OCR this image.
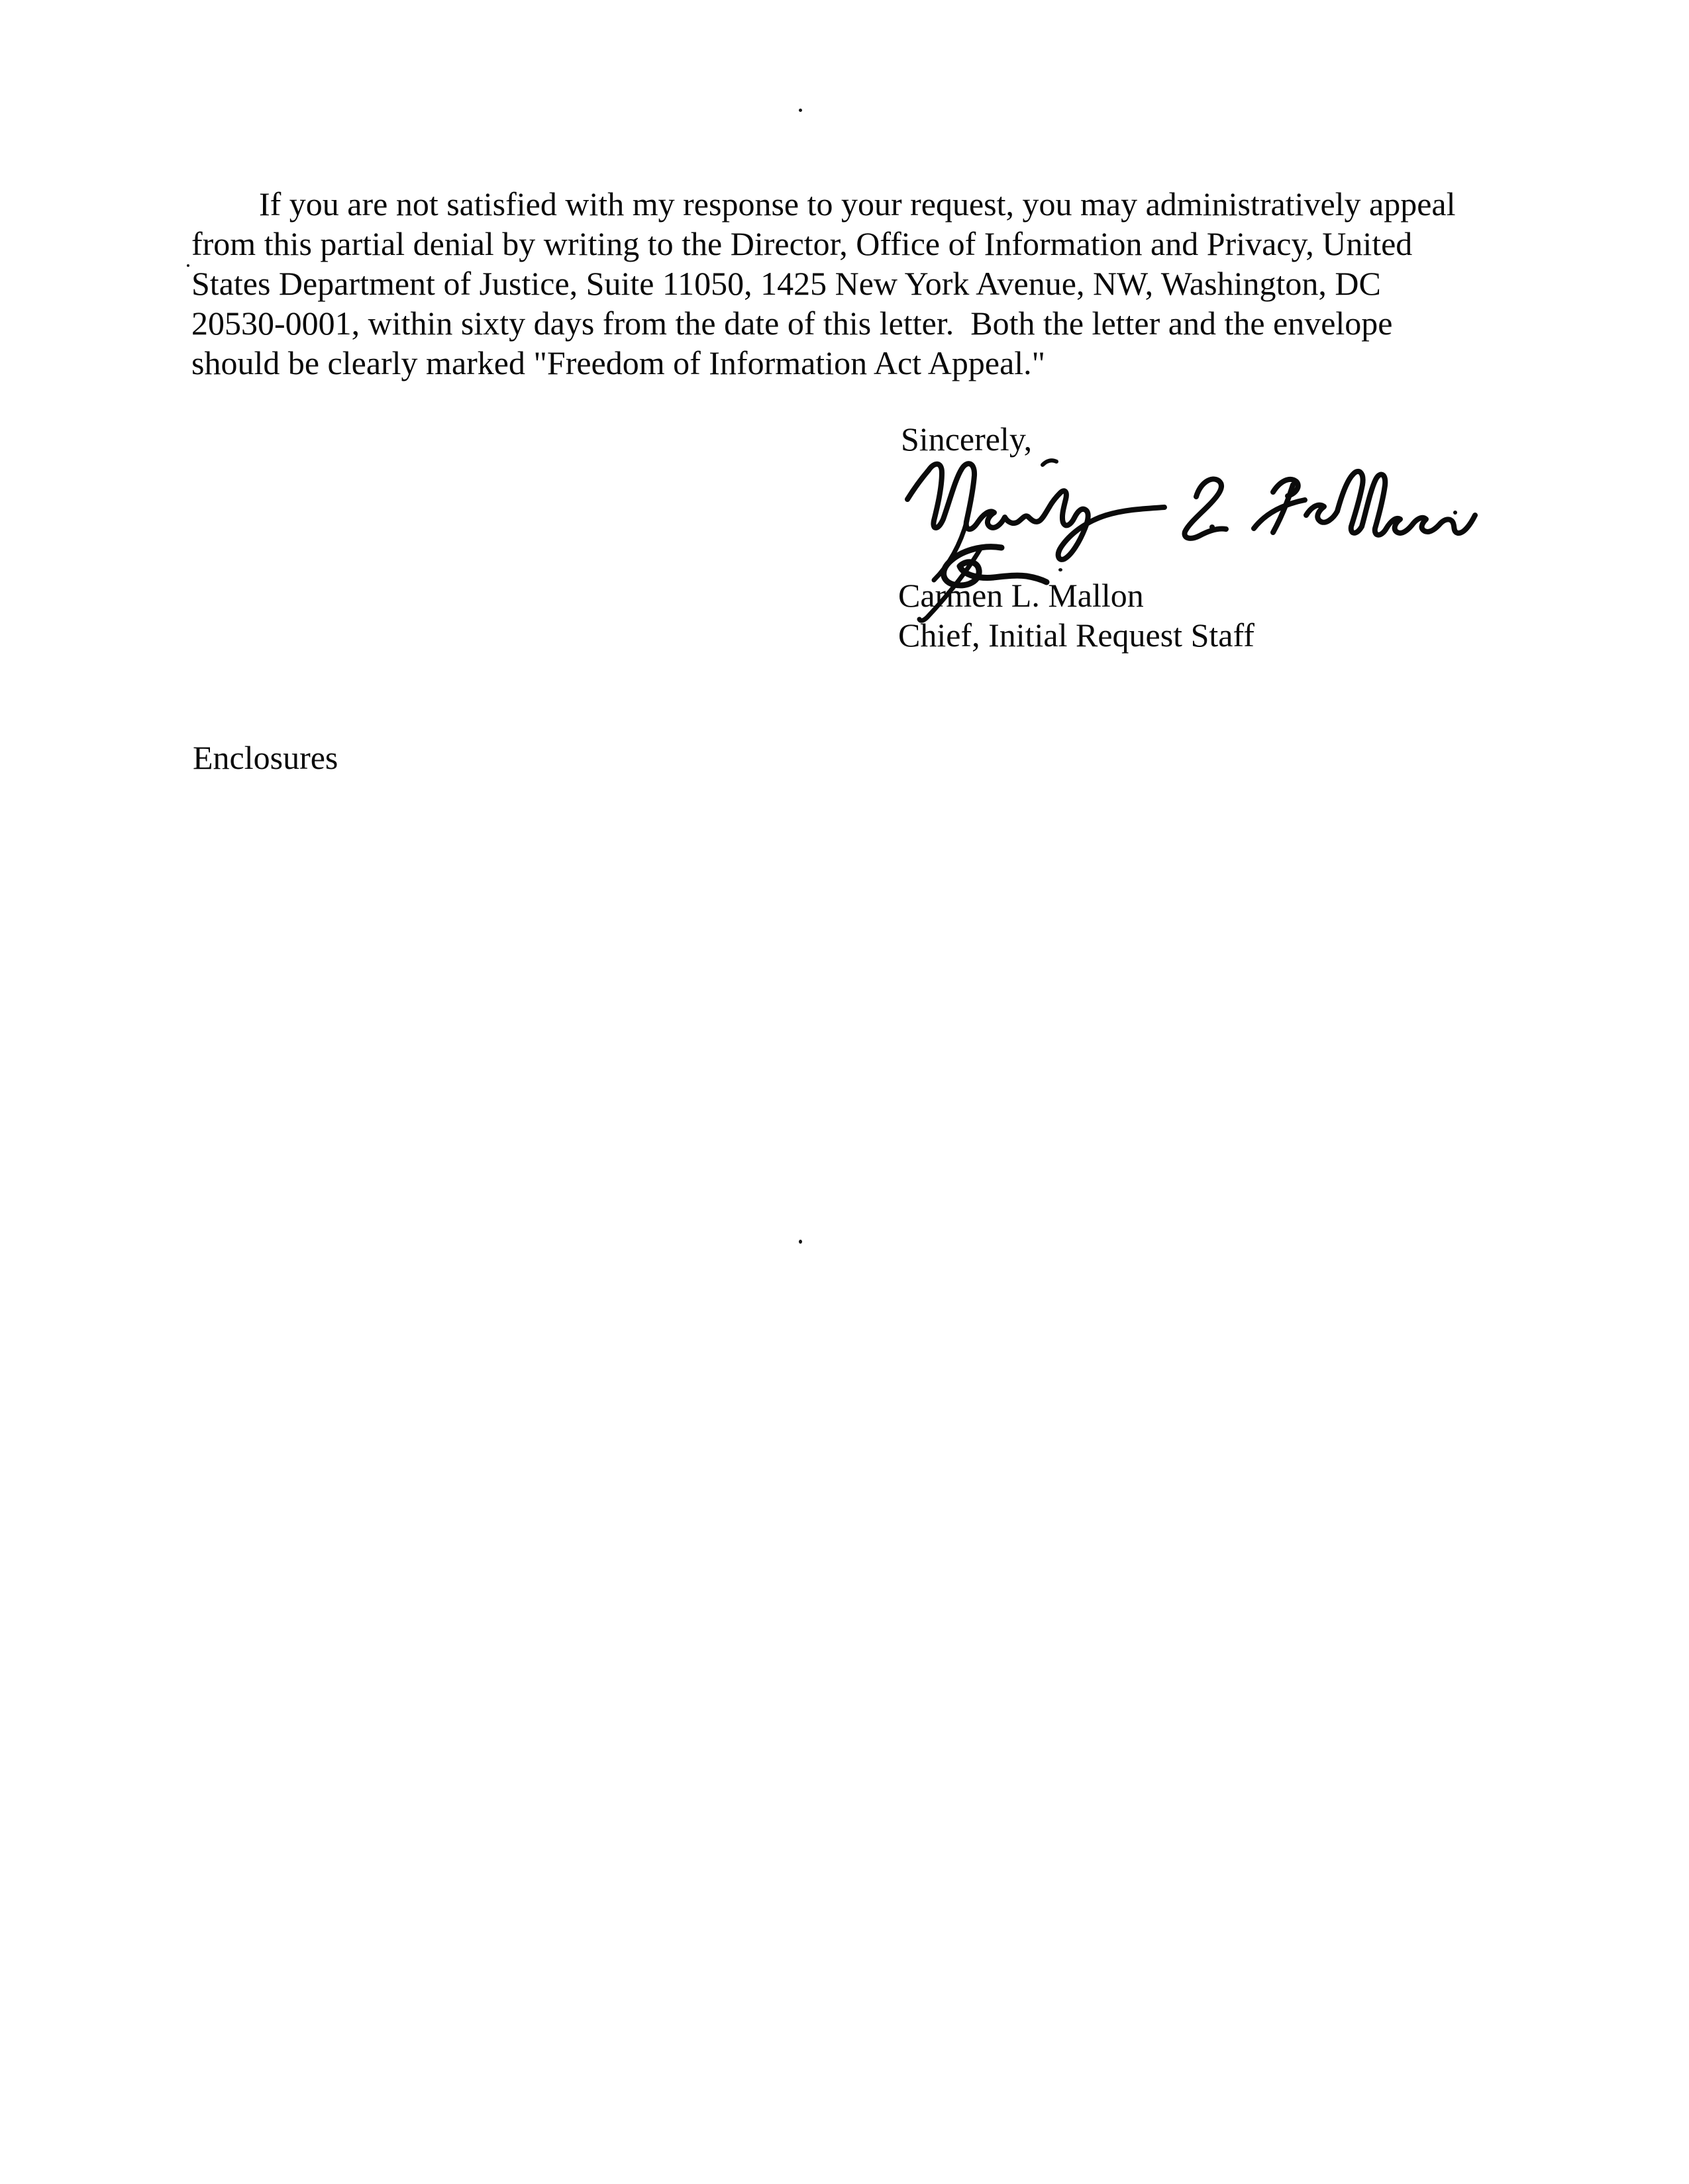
If you are not satisfied with my response to your request, you may administratively appeal
from this partial denial by writing to the Director, Office of Information and Privacy, United
States Department of Justice, Suite 11050, 1425 New York Avenue, NW, Washington, DC
20530-0001, within sixty days from the date of this letter.  Both the letter and the envelope
should be clearly marked "Freedom of Information Act Appeal."
Sincerely,
Carmen L. Mallon
Chief, Initial Request Staff
Enclosures
